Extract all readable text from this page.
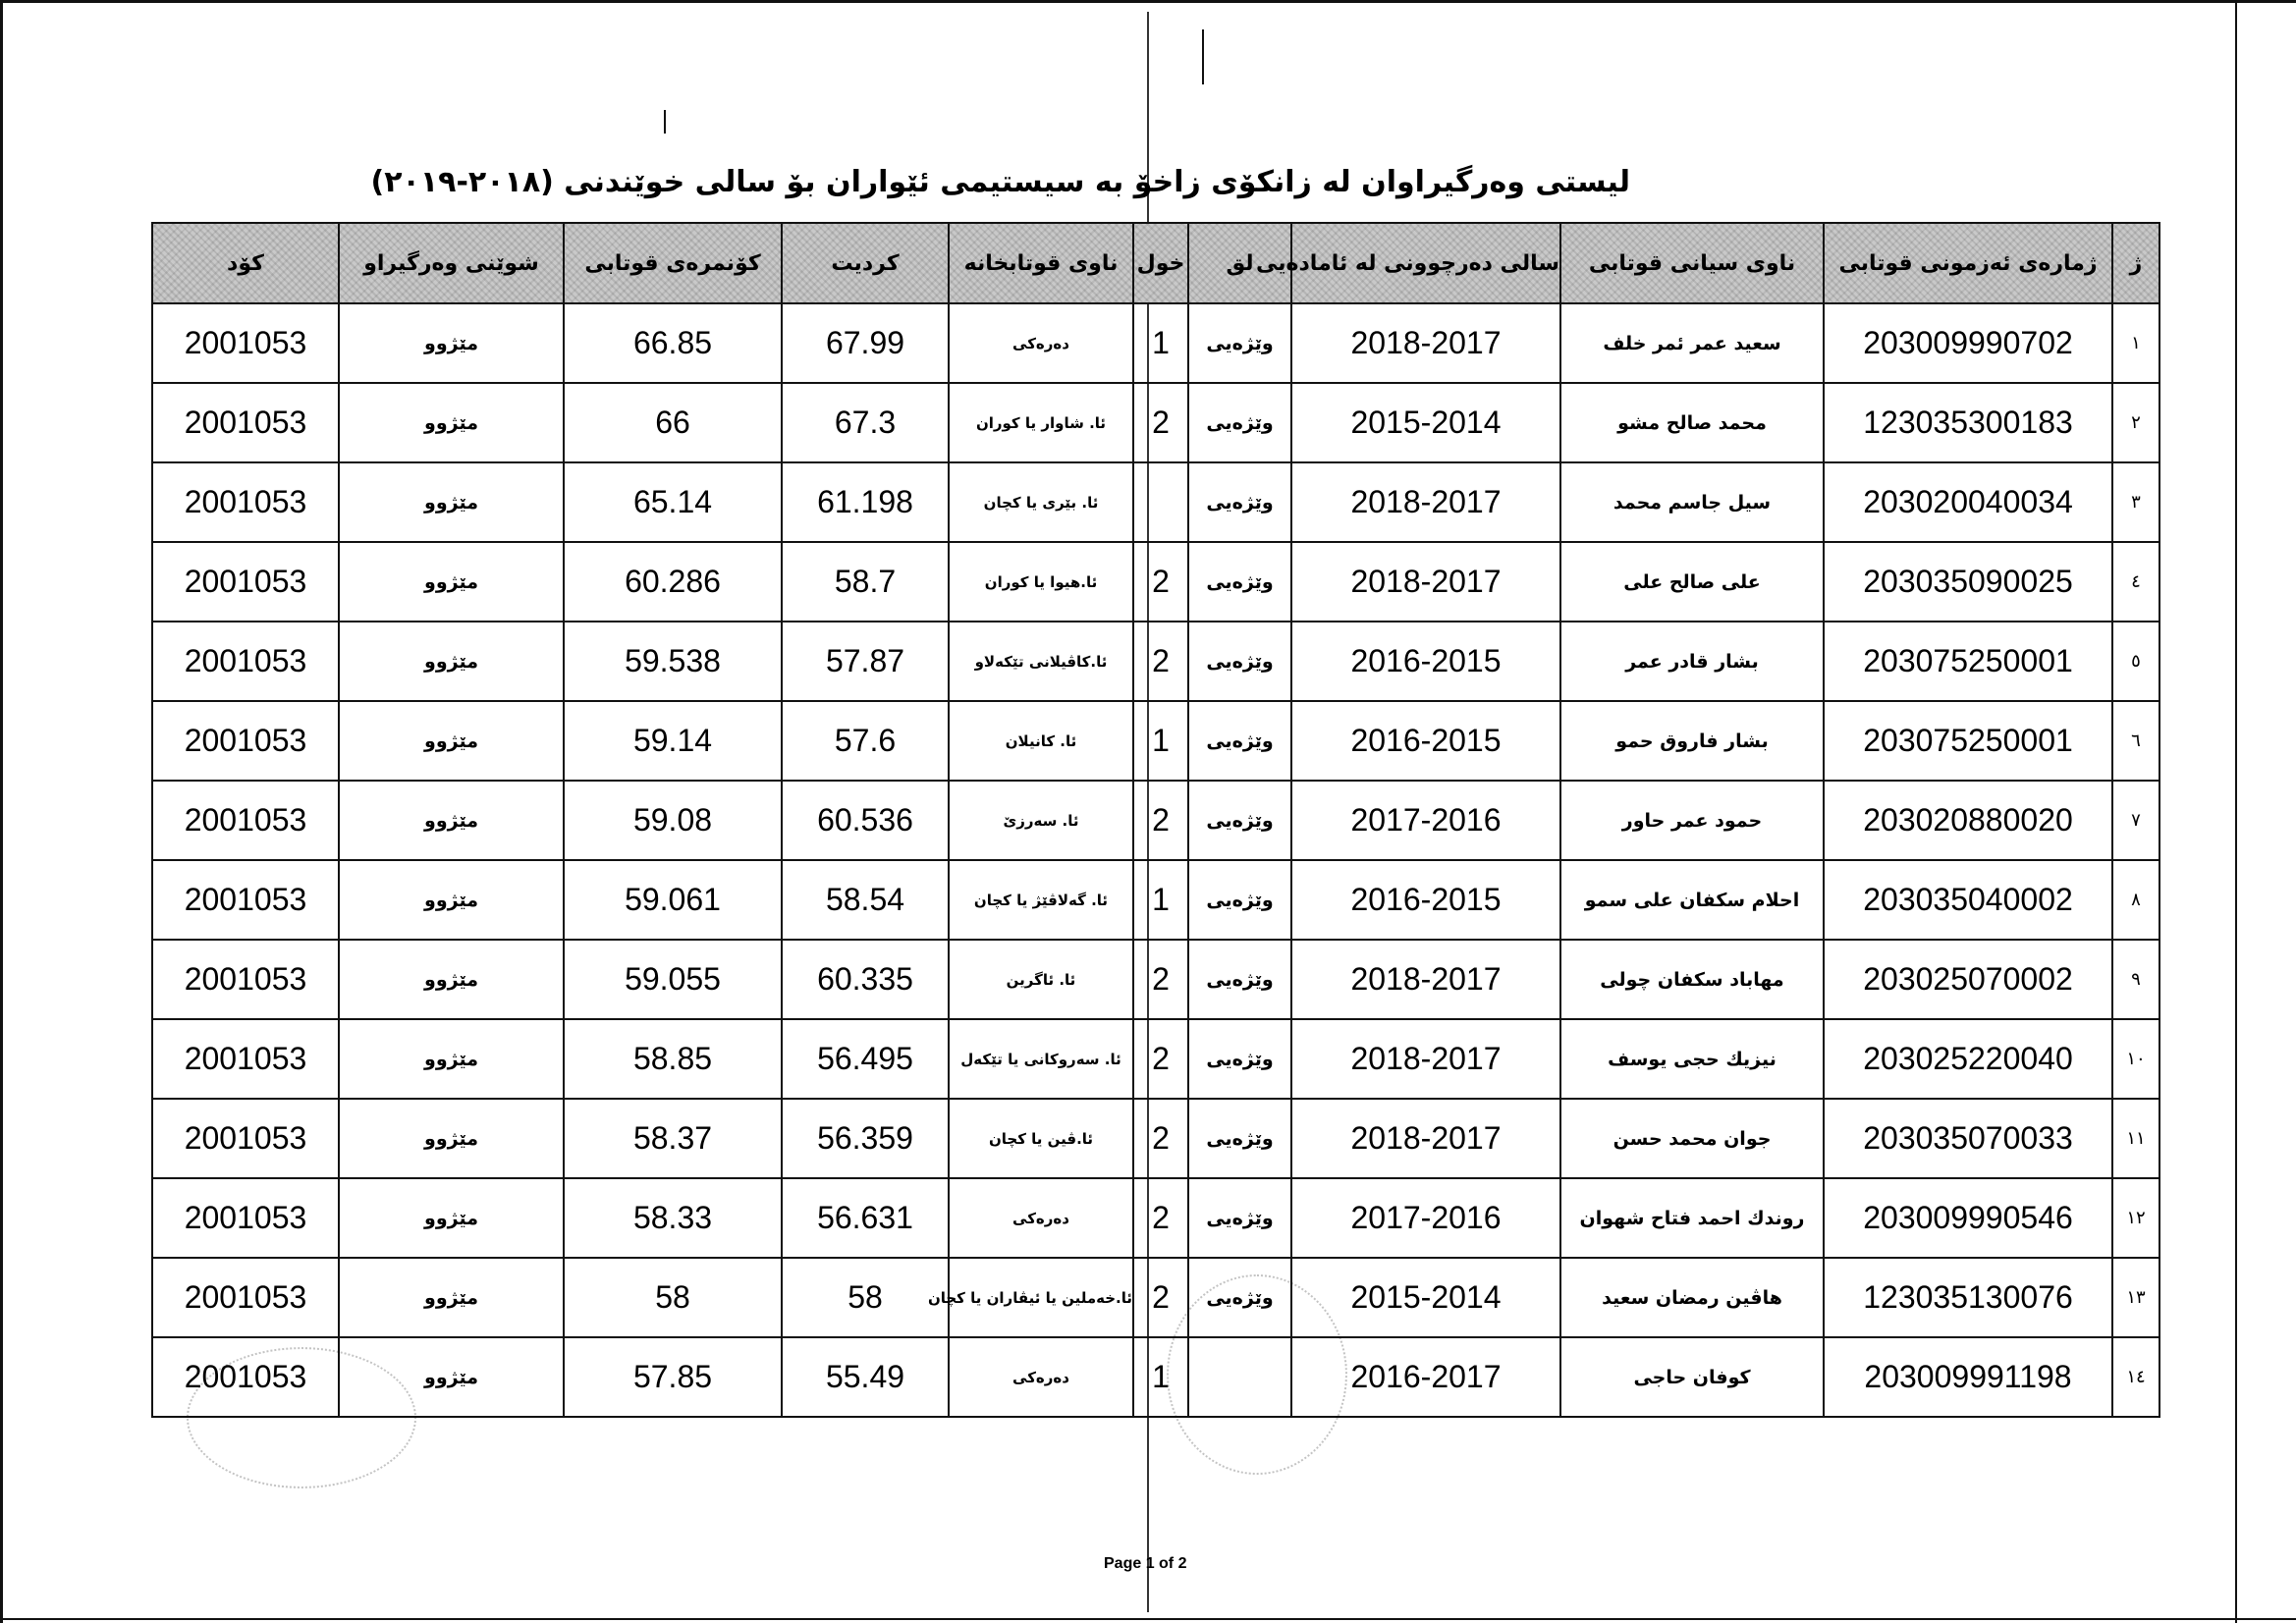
لیستی وەرگیراوان لە زانکۆی زاخۆ بە سیستیمی ئێواران بۆ سالی خوێندنی (٢٠١٨-٢٠١٩)
ژ	ژمارەی ئەزمونی قوتابی	ناوی سیانی قوتابی	سالی دەرچوونی لە ئامادەیی	لق	خول	ناوی قوتابخانە	کردیت	کۆنمرەی قوتابی	شوێنی وەرگیراو	کۆد
١	203009990702	سعید عمر ئمر خلف	2018-2017	وێژەیی	1	دەرەکی	67.99	66.85	مێژوو	2001053
٢	123035300183	محمد صالح مشو	2015-2014	وێژەیی	2	ئا. شاوار یا کوران	67.3	66	مێژوو	2001053
٣	203020040034	سیل جاسم محمد	2018-2017	وێژەیی		ئا. بێری یا کچان	61.198	65.14	مێژوو	2001053
٤	203035090025	علی صالح علی	2018-2017	وێژەیی	2	ئا.هیوا یا کوران	58.7	60.286	مێژوو	2001053
٥	203075250001	بشار قادر عمر	2016-2015	وێژەیی	2	ئا.کاڤیلانی تێکەلاو	57.87	59.538	مێژوو	2001053
٦	203075250001	بشار فاروق حمو	2016-2015	وێژەیی	1	ئا. کانیلان	57.6	59.14	مێژوو	2001053
٧	203020880020	حمود عمر حاور	2017-2016	وێژەیی	2	ئا. سەرزێ	60.536	59.08	مێژوو	2001053
٨	203035040002	احلام سکفان علی سمو	2016-2015	وێژەیی	1	ئا. گەلاڤێژ یا کچان	58.54	59.061	مێژوو	2001053
٩	203025070002	مهاباد سکفان چولی	2018-2017	وێژەیی	2	ئا. ئاگرین	60.335	59.055	مێژوو	2001053
١٠	203025220040	نیزیك حجی یوسف	2018-2017	وێژەیی	2	ئا. سەروکانی یا تێکەل	56.495	58.85	مێژوو	2001053
١١	203035070033	جوان محمد حسن	2018-2017	وێژەیی	2	ئا.ڤین یا کچان	56.359	58.37	مێژوو	2001053
١٢	203009990546	روندك احمد فتاح شهوان	2017-2016	وێژەیی	2	دەرەکی	56.631	58.33	مێژوو	2001053
١٣	123035130076	هاڤین رمضان سعید	2015-2014	وێژەیی	2	ئا.خەملین یا ئیڤاران یا کچان	58	58	مێژوو	2001053
١٤	203009991198	کوفان حاجی	2016-2017		1	دەرەکی	55.49	57.85	مێژوو	2001053
Page 1 of 2
